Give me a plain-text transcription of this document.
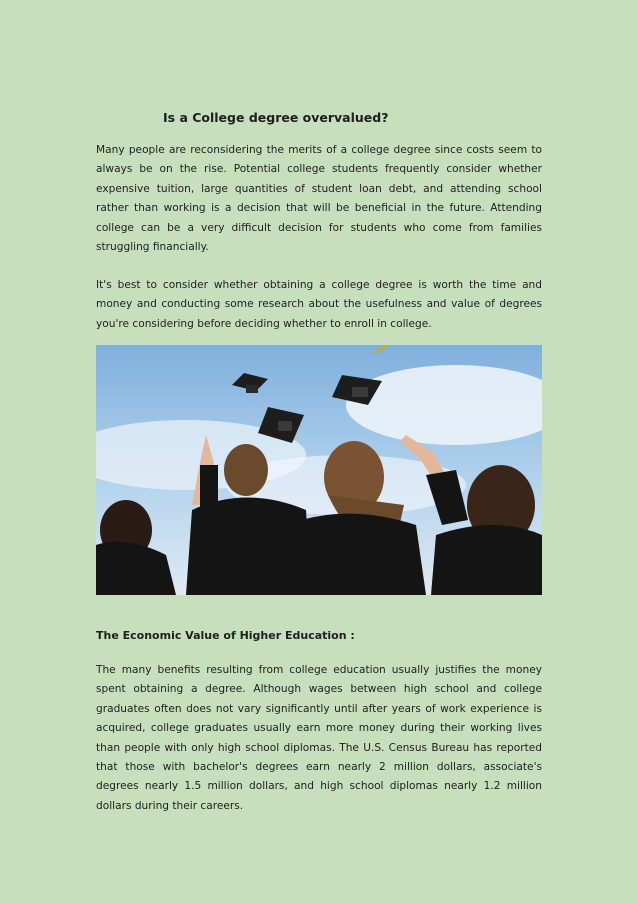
Is a College degree overvalued?

Many people are reconsidering the merits of a college degree since costs seem to always be on the rise. Potential college students frequently consider whether expensive tuition, large quantities of student loan debt, and attending school rather than working is a decision that will be beneficial in the future. Attending college can be a very difficult decision for students who come from families struggling financially.

It's best to consider whether obtaining a college degree is worth the time and money and conducting some research about the usefulness and value of degrees you're considering before deciding whether to enroll in college.

The Economic Value of Higher Education :

The many benefits resulting from college education usually justifies the money spent obtaining a degree. Although wages between high school and college graduates often does not vary significantly until after years of work experience is acquired, college graduates usually earn more money during their working lives than people with only high school diplomas. The U.S. Census Bureau has reported that those with bachelor's degrees earn nearly 2 million dollars, associate's degrees nearly 1.5 million dollars, and high school diplomas nearly 1.2 million dollars during their careers.
